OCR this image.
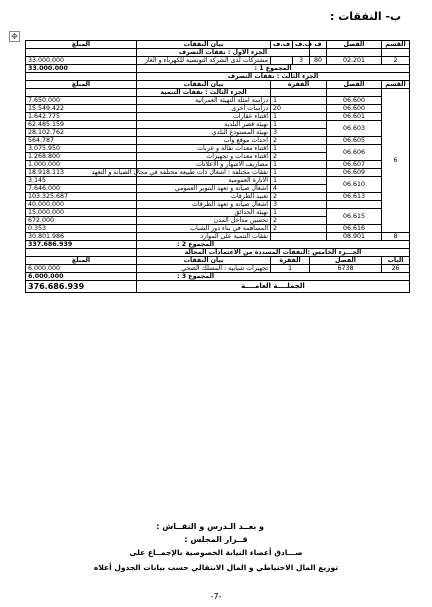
ب- النفقات :
✥
المبلغ	بيان النفقات	ف.ف	ف.ف	ف	الفصل	القسم
	الجزء الأول : نفقات التصرف					
33.000.000	مشتركات لدى الشركة التونسية للكهرباء و الغاز		3	80	02.201	2
33.000.000	المجموع 1 :					
	الجزء الثالث : نفقات التصرف					
المبلغ	بيان النفقات	الفقرة			الفصل	القسم
	الجزء الثالث : نفقات التنمية					6
7.650.000	دراسة امثلة التهيئة العمرانية	1			06.600	
15.549.422	دراسات أخرى	20			06.600	
1.642.775	اقتناء عقارات	1			06.601	
62.485.159	تهيئة قصر البلدية	1			06.603	
28.102.762	تهيئة المستودع البلدي	3				
564.787	احداث موقع واب	2			06.605	
3.075.950	اقتناء معدات نقالة و عربات	1			06.606	
1.268.800	اقتناء معدات و تجهيزات	2				
1.000.000	مصاريف الاشهار و الاعلانات	1			06.607	
18.918.113	نفقات مختلفة : اشغال ذات طبيعة مختلفة في مجال الصيانة و التعهد	1			06.609	
3.145	الانارة العمومية	1			06.610	
7.646.000	اشغال صيانة و تعهد التنوير العمومي	4				
103.325.687	تعبيد الطرقات	2			06.613	
40.000.000	اشغال صيانة و تعهد الطرقات	3				
15.000.000	تهيئة الحدائق	1			06.615	
672.000	تحسين مداخل المدن	2				
0.353	المساهمة في بناء دور الشباب	2			06.616	
30.801.986	نفقات التنمية على الموارد				08.901	8
337.686.939	المجموع 2 :					
	الجـــزء الخامس :النفقات المسددة من الاعتمادات المحالة					
المبلغ	بيان النفقات	الفقرة		الفصل		الباب
6.000.000	تجهيزات شبابية : المسلك الصحي	1		6738		26
6.000.000	المجموع 3 :					
376.686.939	الجملــــة العامــــة					
و بعــد الـدرس و النقــاش :
قــرار المجلس :
صـــادق أعضاء النيابة الخصوصية بالإجمــاع على
توزيع المال الاحتياطي و المال الانتقالي حسب بيانات الجدول أعلاه
-7-
